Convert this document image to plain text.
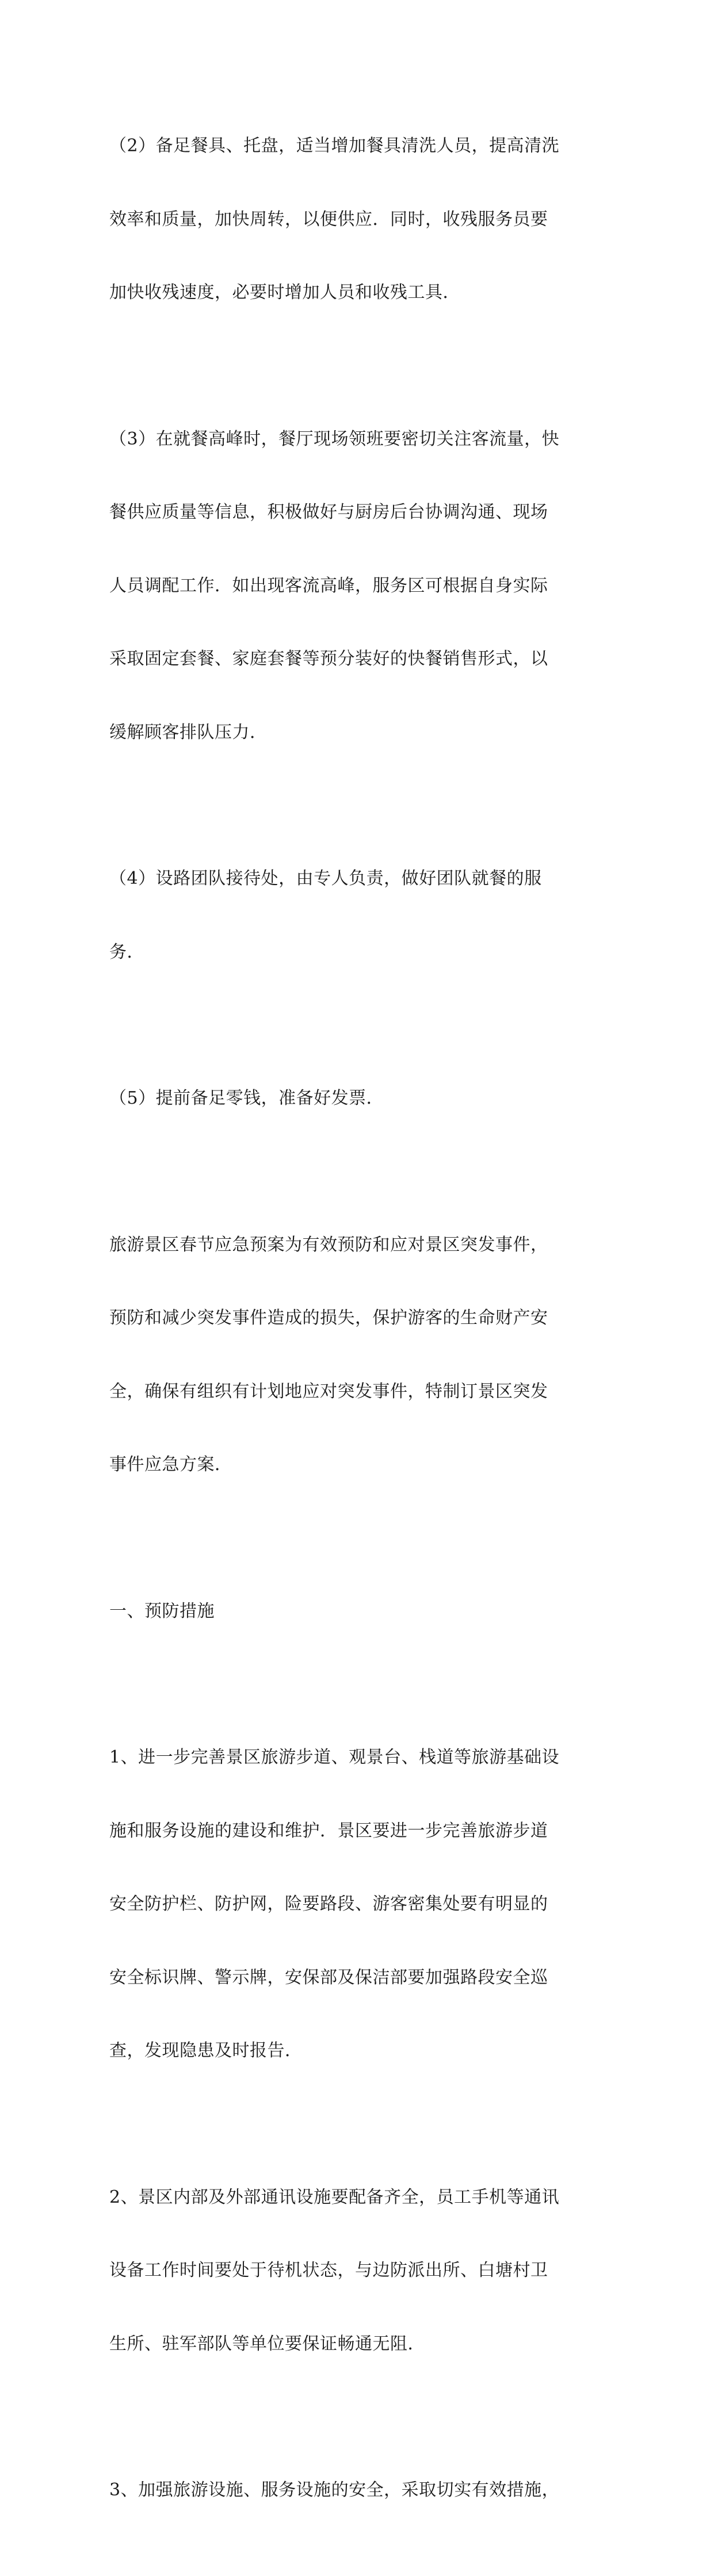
（2）备足餐具、托盘，适当增加餐具清洗人员，提高清洗

效率和质量，加快周转，以便供应．同时，收残服务员要

加快收残速度，必要时增加人员和收残工具．

（3）在就餐高峰时，餐厅现场领班要密切关注客流量，快

餐供应质量等信息，积极做好与厨房后台协调沟通、现场

人员调配工作．如出现客流高峰，服务区可根据自身实际

采取固定套餐、家庭套餐等预分装好的快餐销售形式，以

缓解顾客排队压力．

（4）设路团队接待处，由专人负责，做好团队就餐的服

务．

（5）提前备足零钱，准备好发票．

旅游景区春节应急预案为有效预防和应对景区突发事件，

预防和减少突发事件造成的损失，保护游客的生命财产安

全，确保有组织有计划地应对突发事件，特制订景区突发

事件应急方案．

一、预防措施

1、进一步完善景区旅游步道、观景台、栈道等旅游基础设

施和服务设施的建设和维护．景区要进一步完善旅游步道

安全防护栏、防护网，险要路段、游客密集处要有明显的

安全标识牌、警示牌，安保部及保洁部要加强路段安全巡

查，发现隐患及时报告．

2、景区内部及外部通讯设施要配备齐全，员工手机等通讯

设备工作时间要处于待机状态，与边防派出所、白塘村卫

生所、驻军部队等单位要保证畅通无阻．

3、加强旅游设施、服务设施的安全，采取切实有效措施，
